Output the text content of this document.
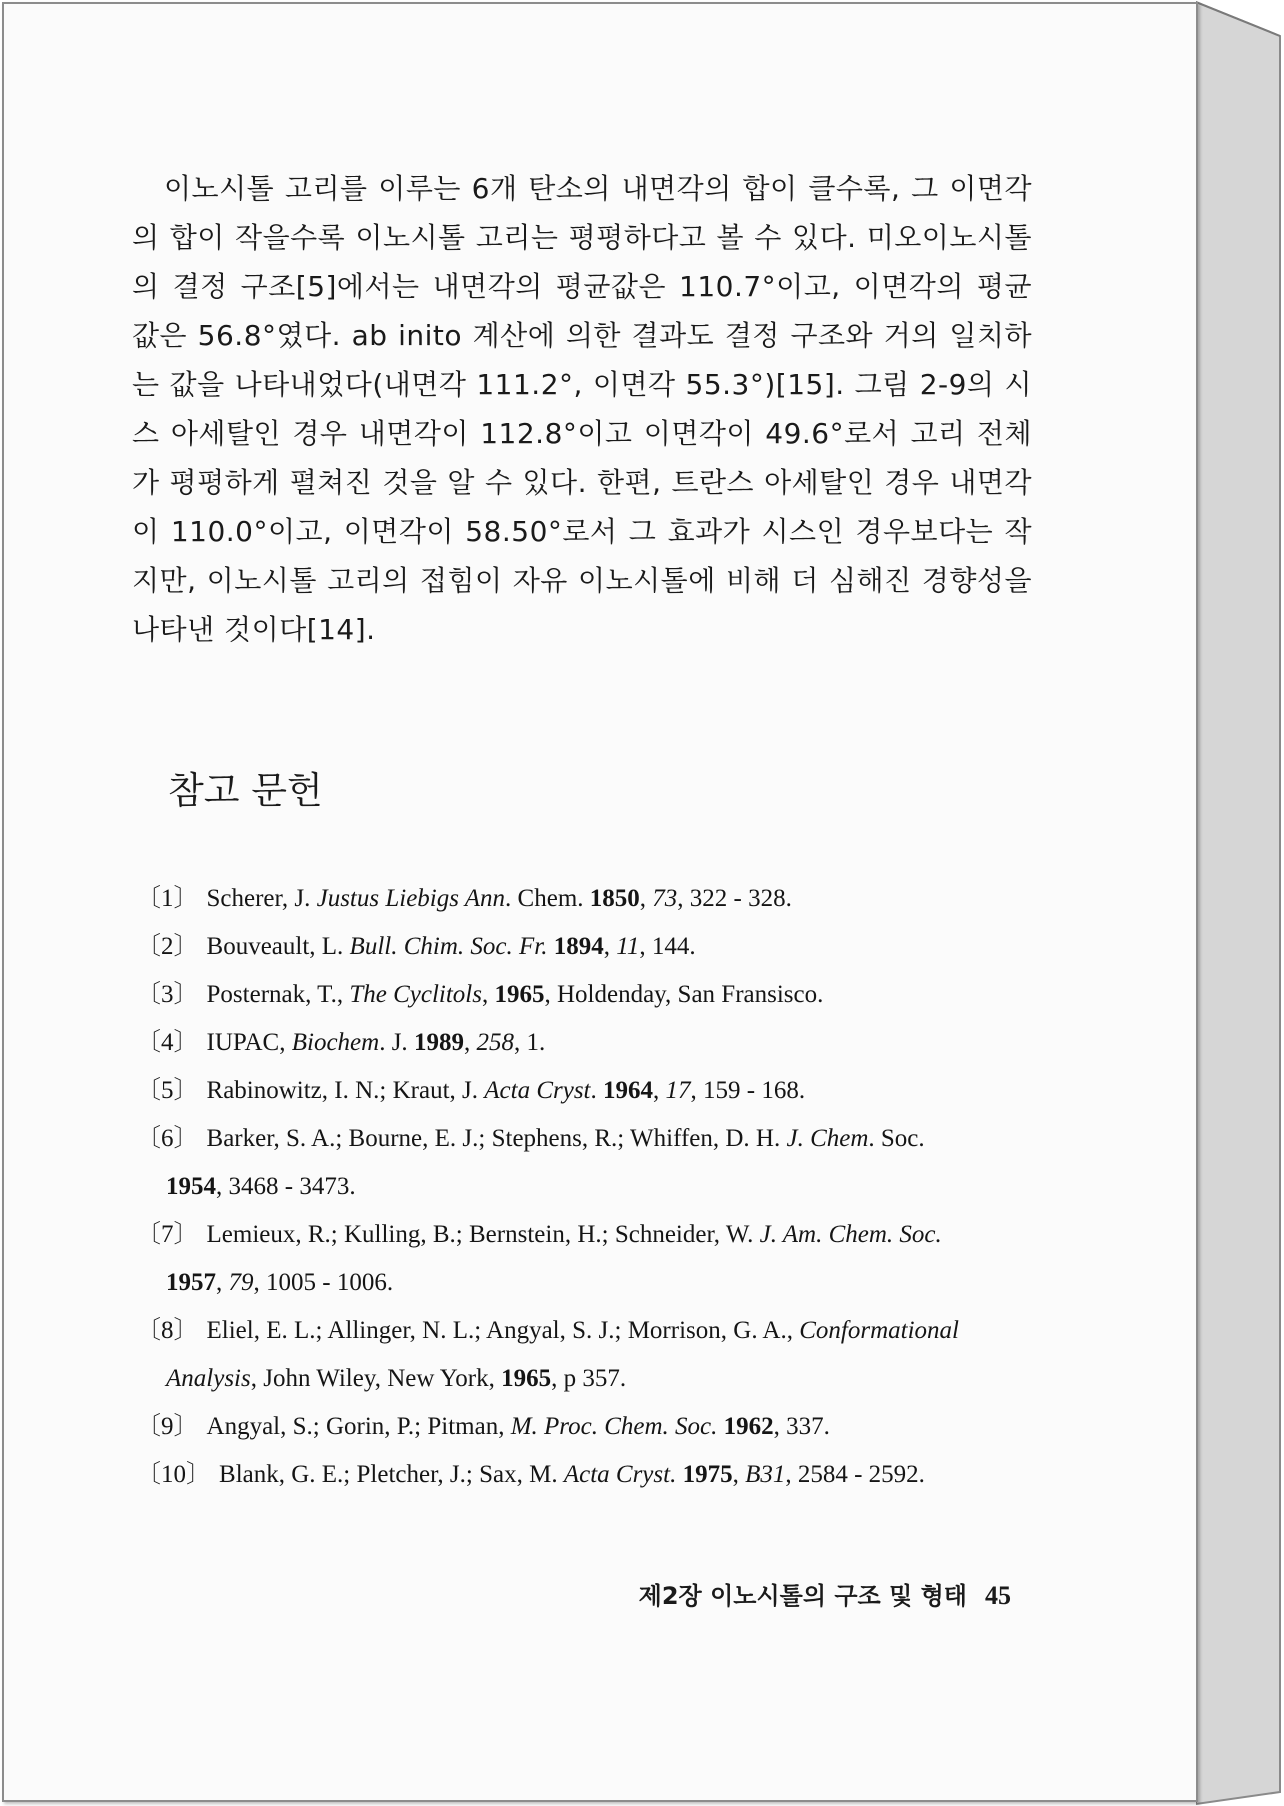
이노시톨 고리를 이루는 6개 탄소의 내면각의 합이 클수록, 그 이면각의 합이 작을수록 이노시톨 고리는 평평하다고 볼 수 있다. 미오이노시톨의 결정 구조[5]에서는 내면각의 평균값은 110.7°이고, 이면각의 평균값은 56.8°였다. ab inito 계산에 의한 결과도 결정 구조와 거의 일치하는 값을 나타내었다(내면각 111.2°, 이면각 55.3°)[15]. 그림 2-9의 시스 아세탈인 경우 내면각이 112.8°이고 이면각이 49.6°로서 고리 전체가 평평하게 펼쳐진 것을 알 수 있다. 한편, 트란스 아세탈인 경우 내면각이 110.0°이고, 이면각이 58.50°로서 그 효과가 시스인 경우보다는 작지만, 이노시톨 고리의 접힘이 자유 이노시톨에 비해 더 심해진 경향성을 나타낸 것이다[14].

참고 문헌
〔1〕 Scherer, J. Justus Liebigs Ann. Chem. 1850, 73, 322 - 328.
〔2〕 Bouveault, L. Bull. Chim. Soc. Fr. 1894, 11, 144.
〔3〕 Posternak, T., The Cyclitols, 1965, Holdenday, San Fransisco.
〔4〕 IUPAC, Biochem. J. 1989, 258, 1.
〔5〕 Rabinowitz, I. N.; Kraut, J. Acta Cryst. 1964, 17, 159 - 168.
〔6〕 Barker, S. A.; Bourne, E. J.; Stephens, R.; Whiffen, D. H. J. Chem. Soc.
1954, 3468 - 3473.
〔7〕 Lemieux, R.; Kulling, B.; Bernstein, H.; Schneider, W. J. Am. Chem. Soc.
1957, 79, 1005 - 1006.
〔8〕 Eliel, E. L.; Allinger, N. L.; Angyal, S. J.; Morrison, G. A., Conformational
Analysis, John Wiley, New York, 1965, p 357.
〔9〕 Angyal, S.; Gorin, P.; Pitman, M. Proc. Chem. Soc. 1962, 337.
〔10〕 Blank, G. E.; Pletcher, J.; Sax, M. Acta Cryst. 1975, B31, 2584 - 2592.
제2장 이노시톨의 구조 및 형태 45
